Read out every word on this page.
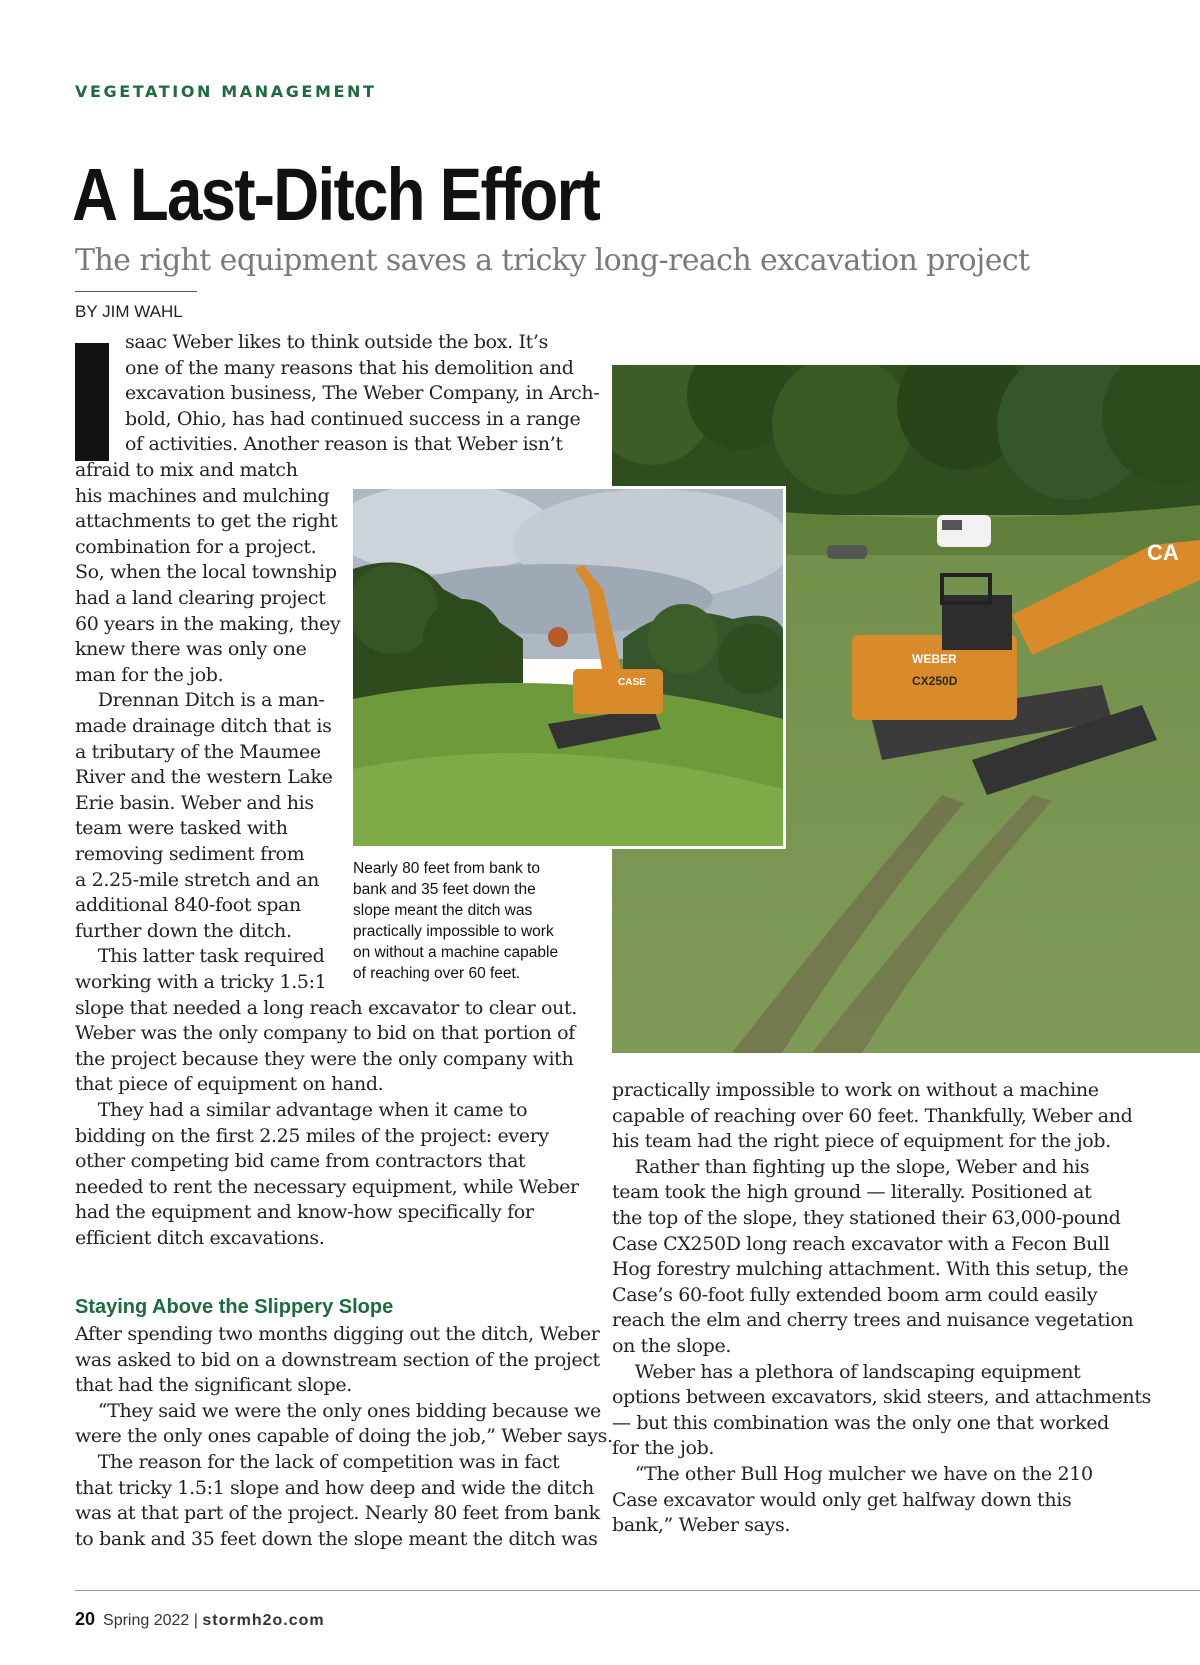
VEGETATION MANAGEMENT
A Last-Ditch Effort
The right equipment saves a tricky long-reach excavation project
BY JIM WAHL
CA
WEBER
CX250D
CASE
saac Weber likes to think outside the box. It’s
one of the many reasons that his demolition and
excavation business, The Weber Company, in Arch-
bold, Ohio, has had continued success in a range
of activities. Another reason is that Weber isn’t
afraid to mix and match
his machines and mulching
attachments to get the right
combination for a project.
So, when the local township
had a land clearing project
60 years in the making, they
knew there was only one
man for the job.
Drennan Ditch is a man-
made drainage ditch that is
a tributary of the Maumee
River and the western Lake
Erie basin. Weber and his
team were tasked with
removing sediment from
a 2.25-mile stretch and an
additional 840-foot span
further down the ditch.
This latter task required
working with a tricky 1.5:1
slope that needed a long reach excavator to clear out.
Weber was the only company to bid on that portion of
the project because they were the only company with
that piece of equipment on hand.
They had a similar advantage when it came to
bidding on the first 2.25 miles of the project: every
other competing bid came from contractors that
needed to rent the necessary equipment, while Weber
had the equipment and know-how specifically for
efficient ditch excavations.
Staying Above the Slippery Slope
After spending two months digging out the ditch, Weber
was asked to bid on a downstream section of the project
that had the significant slope.
“They said we were the only ones bidding because we
were the only ones capable of doing the job,” Weber says.
The reason for the lack of competition was in fact
that tricky 1.5:1 slope and how deep and wide the ditch
was at that part of the project. Nearly 80 feet from bank
to bank and 35 feet down the slope meant the ditch was
practically impossible to work on without a machine
capable of reaching over 60 feet. Thankfully, Weber and
his team had the right piece of equipment for the job.
Rather than fighting up the slope, Weber and his
team took the high ground — literally. Positioned at
the top of the slope, they stationed their 63,000-pound
Case CX250D long reach excavator with a Fecon Bull
Hog forestry mulching attachment. With this setup, the
Case’s 60-foot fully extended boom arm could easily
reach the elm and cherry trees and nuisance vegetation
on the slope.
Weber has a plethora of landscaping equipment
options between excavators, skid steers, and attachments
— but this combination was the only one that worked
for the job.
“The other Bull Hog mulcher we have on the 210
Case excavator would only get halfway down this
bank,” Weber says.
Nearly 80 feet from bank to
bank and 35 feet down the
slope meant the ditch was
practically impossible to work
on without a machine capable
of reaching over 60 feet.
20 Spring 2022 | stormh2o.com
